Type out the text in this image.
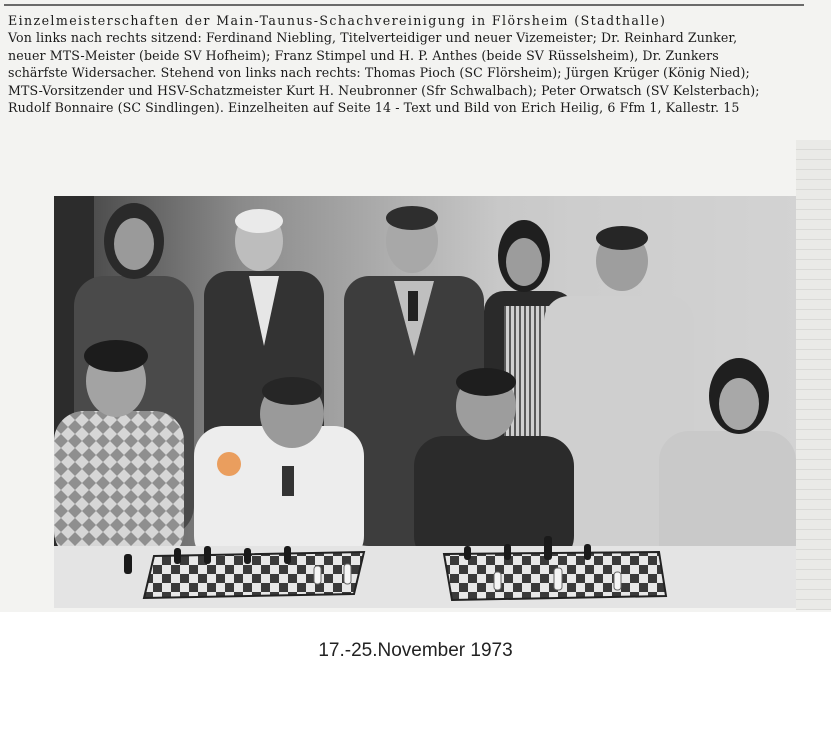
Einzelmeisterschaften der Main-Taunus-Schachvereinigung in Flörsheim (Stadthalle)
Von links nach rechts sitzend: Ferdinand Niebling, Titelverteidiger und neuer Vizemeister; Dr. Reinhard Zunker,
neuer MTS-Meister (beide SV Hofheim); Franz Stimpel und H. P. Anthes (beide SV Rüsselsheim), Dr. Zunkers
schärfste Widersacher. Stehend von links nach rechts: Thomas Pioch (SC Flörsheim); Jürgen Krüger (König Nied);
MTS-Vorsitzender und HSV-Schatzmeister Kurt H. Neubronner (Sfr Schwalbach); Peter Orwatsch (SV Kelsterbach);
Rudolf Bonnaire (SC Sindlingen). Einzelheiten auf Seite 14 - Text und Bild von Erich Heilig, 6 Ffm 1, Kallestr. 15
17.-25.November 1973
